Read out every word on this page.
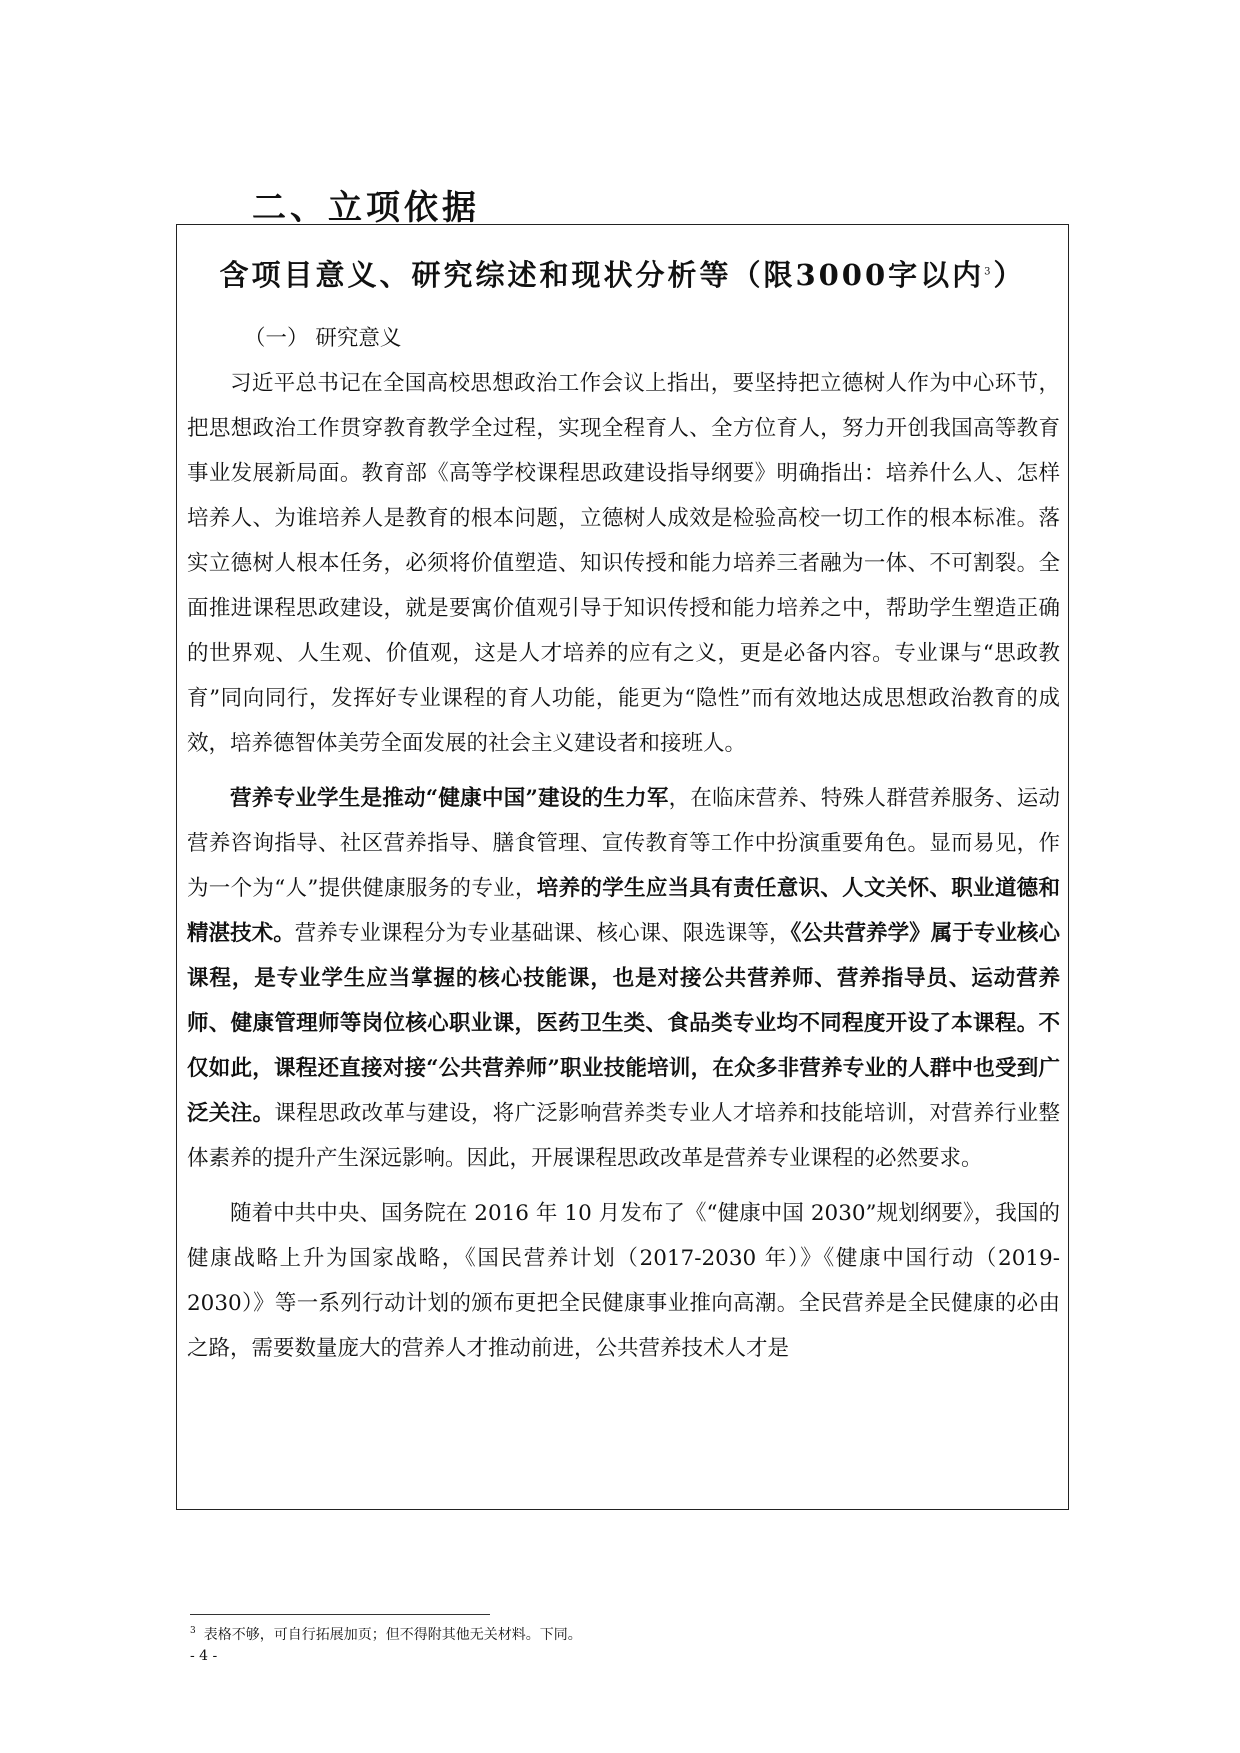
二、立项依据
含项目意义、研究综述和现状分析等（限3000字以内$^3$）

（一） 研究意义

习近平总书记在全国高校思想政治工作会议上指出，要坚持把立德树人作为中心环节，把思想政治工作贯穿教育教学全过程，实现全程育人、全方位育人，努力开创我国高等教育事业发展新局面。教育部《高等学校课程思政建设指导纲要》明确指出：培养什么人、怎样培养人、为谁培养人是教育的根本问题，立德树人成效是检验高校一切工作的根本标准。落实立德树人根本任务，必须将价值塑造、知识传授和能力培养三者融为一体、不可割裂。全面推进课程思政建设，就是要寓价值观引导于知识传授和能力培养之中，帮助学生塑造正确的世界观、人生观、价值观，这是人才培养的应有之义，更是必备内容。专业课与“思政教育”同向同行，发挥好专业课程的育人功能，能更为“隐性”而有效地达成思想政治教育的成效，培养德智体美劳全面发展的社会主义建设者和接班人。

营养专业学生是推动“健康中国”建设的生力军，在临床营养、特殊人群营养服务、运动营养咨询指导、社区营养指导、膳食管理、宣传教育等工作中扮演重要角色。显而易见，作为一个为“人”提供健康服务的专业，培养的学生应当具有责任意识、人文关怀、职业道德和精湛技术。营养专业课程分为专业基础课、核心课、限选课等，《公共营养学》属于专业核心课程，是专业学生应当掌握的核心技能课，也是对接公共营养师、营养指导员、运动营养师、健康管理师等岗位核心职业课，医药卫生类、食品类专业均不同程度开设了本课程。不仅如此，课程还直接对接“公共营养师”职业技能培训，在众多非营养专业的人群中也受到广泛关注。课程思政改革与建设，将广泛影响营养类专业人才培养和技能培训，对营养行业整体素养的提升产生深远影响。因此，开展课程思政改革是营养专业课程的必然要求。

随着中共中央、国务院在 2016 年 10 月发布了《“健康中国 2030”规划纲要》，我国的健康战略上升为国家战略，《国民营养计划（2017-2030 年）》《健康中国行动（2019-2030）》等一系列行动计划的颁布更把全民健康事业推向高潮。全民营养是全民健康的必由之路，需要数量庞大的营养人才推动前进，公共营养技术人才是

$^3$ 表格不够，可自行拓展加页；但不得附其他无关材料。下同。
- 4 -
